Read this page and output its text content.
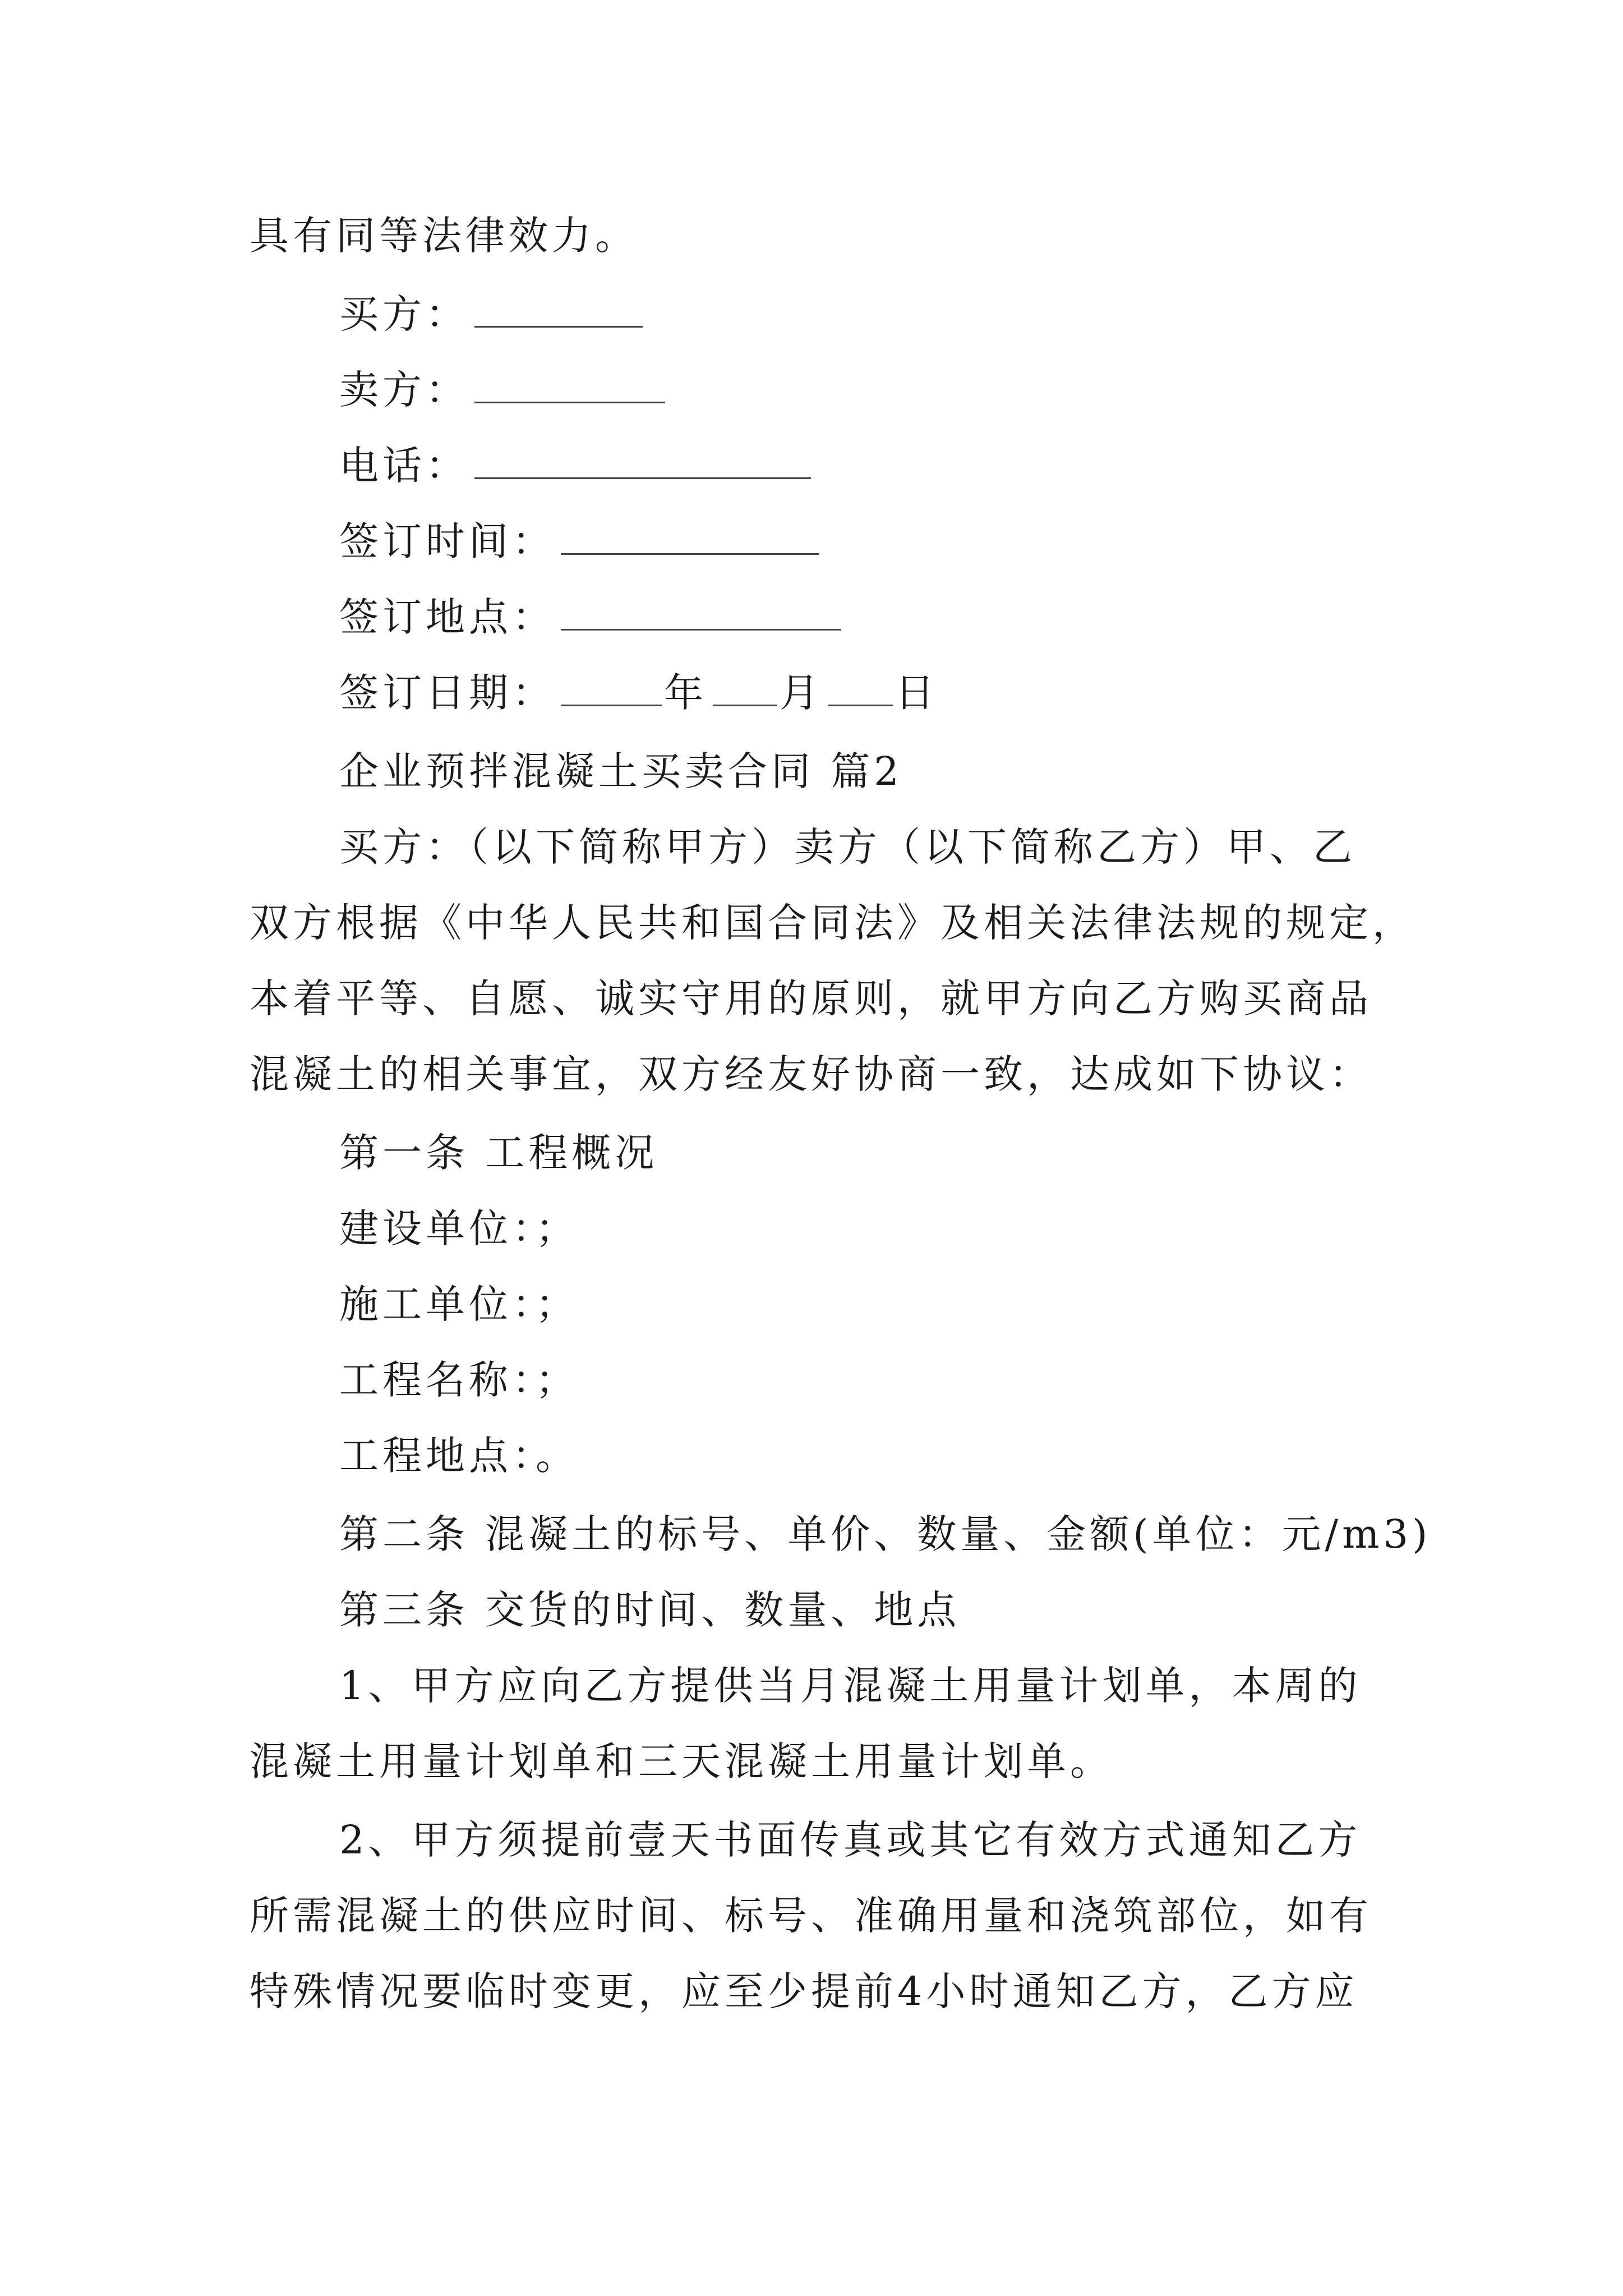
具有同等法律效力。
买方：
卖方：
电话：
签订时间：
签订地点：
签订日期：	年 月 日
企业预拌混凝土买卖合同 篇2
买方：（以下简称甲方）卖方（以下简称乙方）甲、乙
双方根据《中华人民共和国合同法》及相关法律法规的规定，
本着平等、自愿、诚实守用的原则，就甲方向乙方购买商品
混凝土的相关事宜，双方经友好协商一致，达成如下协议：
第一条 工程概况
建设单位：；
施工单位：；
工程名称：；
工程地点：。
第二条 混凝土的标号、单价、数量、金额(单位：元/m3)
第三条 交货的时间、数量、地点
1、甲方应向乙方提供当月混凝土用量计划单，本周的
混凝土用量计划单和三天混凝土用量计划单。
2、甲方须提前壹天书面传真或其它有效方式通知乙方
所需混凝土的供应时间、标号、准确用量和浇筑部位，如有
特殊情况要临时变更，应至少提前4小时通知乙方，乙方应
